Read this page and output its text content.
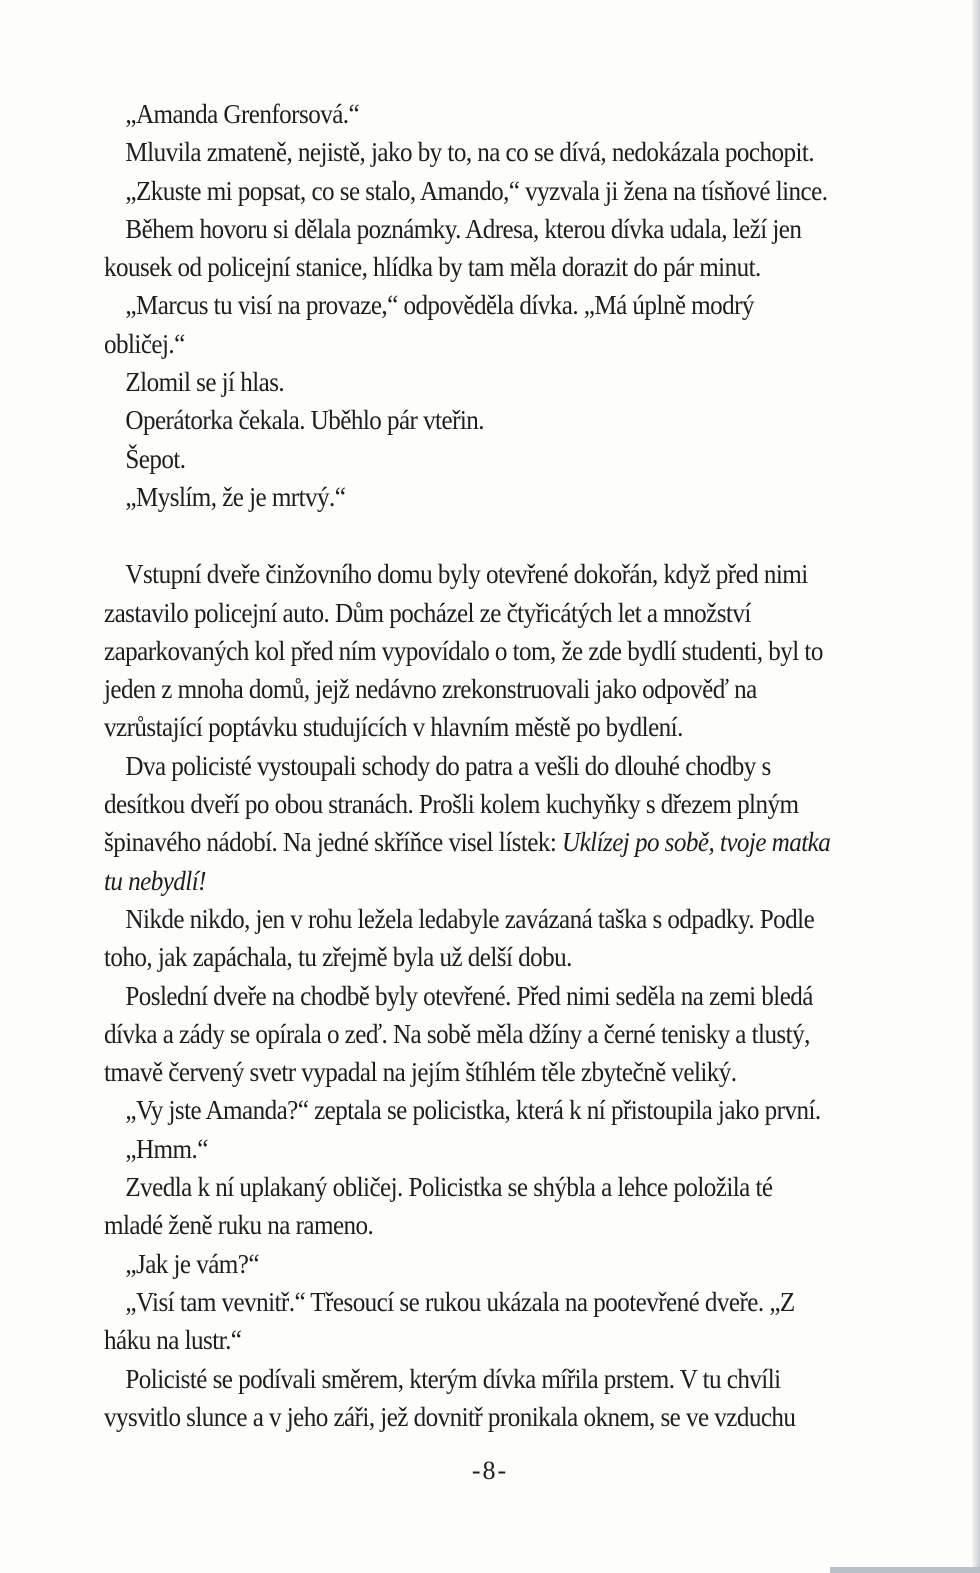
„Amanda Grenforsová.“

Mluvila zmateně, nejistě, jako by to, na co se dívá, nedokázala pochopit.

„Zkuste mi popsat, co se stalo, Amando,“ vyzvala ji žena na tísňové lince.

Během hovoru si dělala poznámky. Adresa, kterou dívka udala, leží jen kousek od policejní stanice, hlídka by tam měla dorazit do pár minut.

„Marcus tu visí na provaze,“ odpověděla dívka. „Má úplně modrý obličej.“

Zlomil se jí hlas.

Operátorka čekala. Uběhlo pár vteřin.

Šepot.

„Myslím, že je mrtvý.“

Vstupní dveře činžovního domu byly otevřené dokořán, když před nimi zastavilo policejní auto. Dům pocházel ze čtyřicátých let a množství zaparkovaných kol před ním vypovídalo o tom, že zde bydlí studenti, byl to jeden z mnoha domů, jejž nedávno zrekonstruovali jako odpověď na vzrůstající poptávku studujících v hlavním městě po bydlení.

Dva policisté vystoupali schody do patra a vešli do dlouhé chodby s desítkou dveří po obou stranách. Prošli kolem kuchyňky s dřezem plným špinavého nádobí. Na jedné skříňce visel lístek: Uklízej po sobě, tvoje matka tu nebydlí!

Nikde nikdo, jen v rohu ležela ledabyle zavázaná taška s odpadky. Podle toho, jak zapáchala, tu zřejmě byla už delší dobu.

Poslední dveře na chodbě byly otevřené. Před nimi seděla na zemi bledá dívka a zády se opírala o zeď. Na sobě měla džíny a černé tenisky a tlustý, tmavě červený svetr vypadal na jejím štíhlém těle zbytečně veliký.

„Vy jste Amanda?“ zeptala se policistka, která k ní přistoupila jako první.

„Hmm.“

Zvedla k ní uplakaný obličej. Policistka se shýbla a lehce položila té mladé ženě ruku na rameno.

„Jak je vám?“

„Visí tam vevnitř.“ Třesoucí se rukou ukázala na pootevřené dveře. „Z háku na lustr.“

Policisté se podívali směrem, kterým dívka mířila prstem. V tu chvíli vysvitlo slunce a v jeho záři, jež dovnitř pronikala oknem, se ve vzduchu

-8-
